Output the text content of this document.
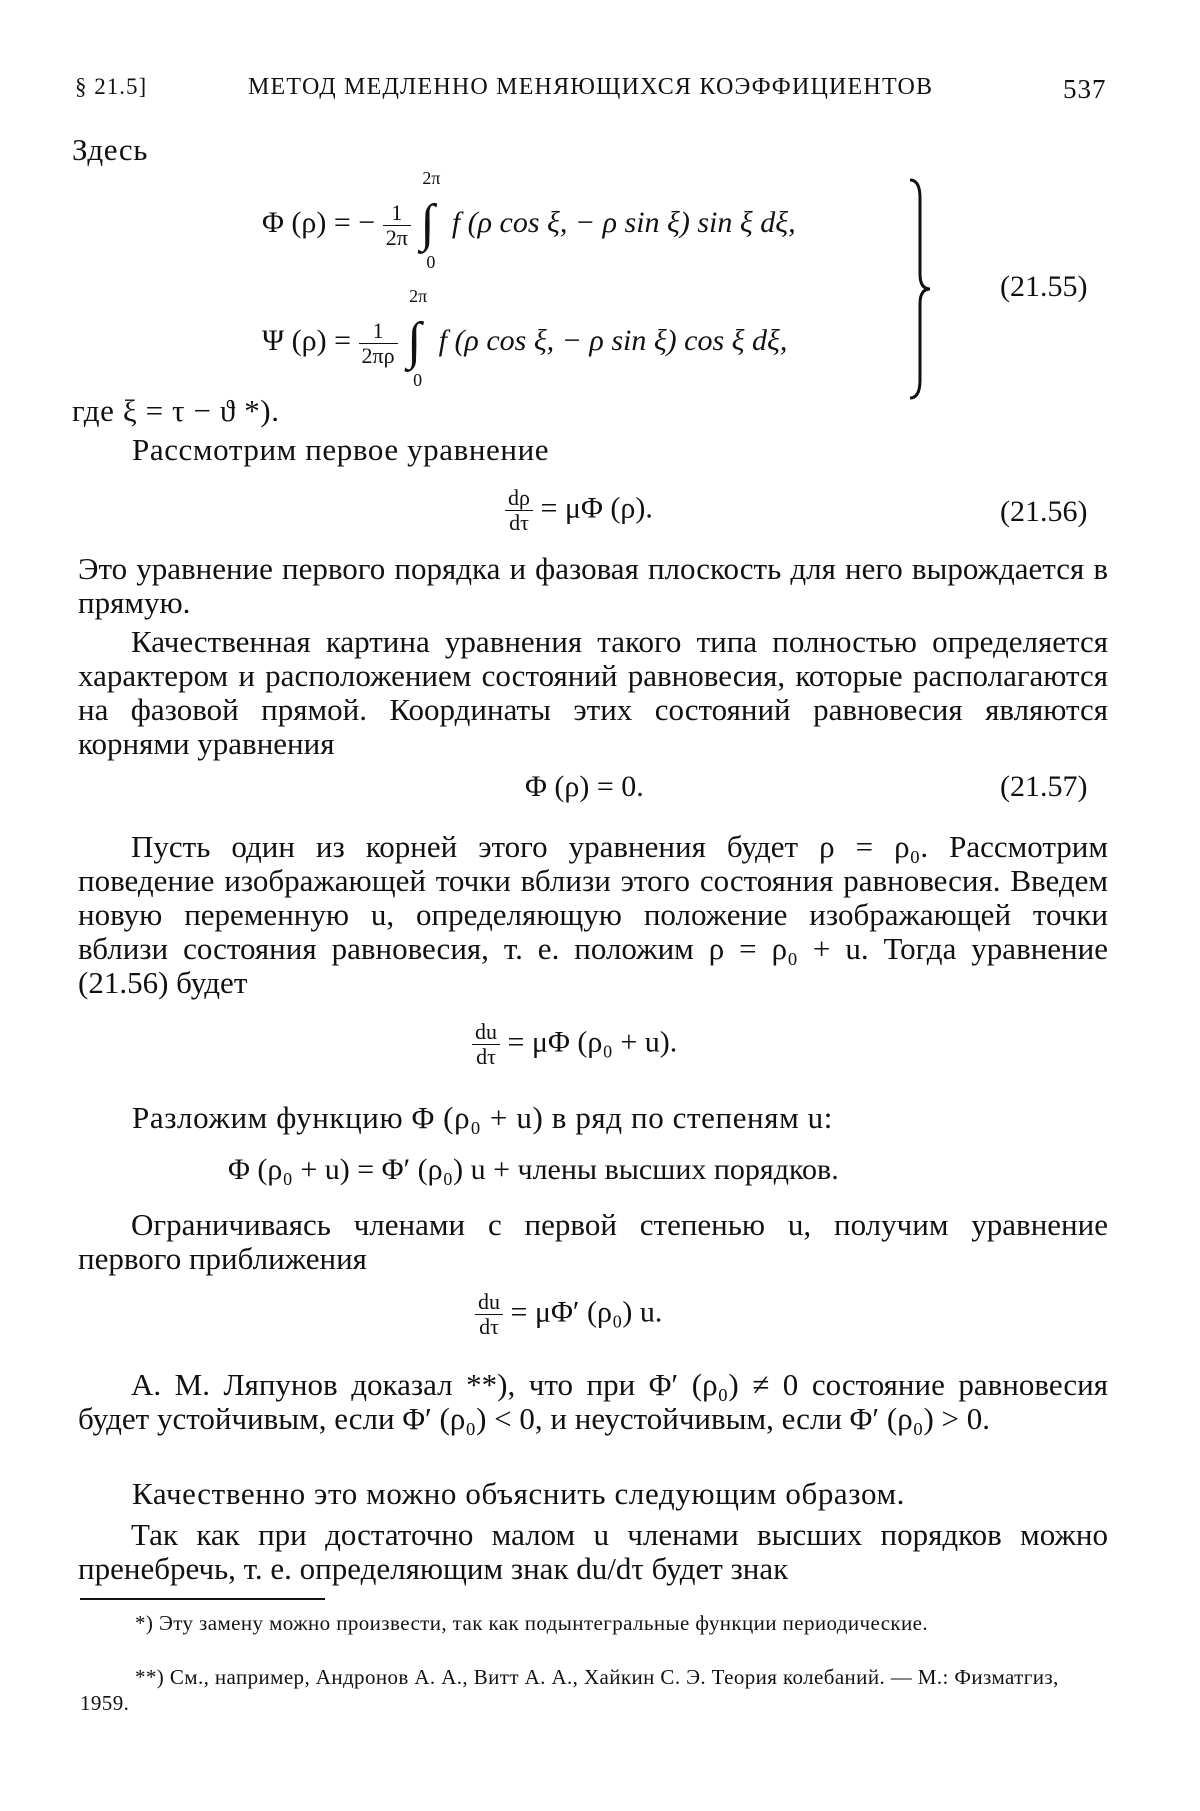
§ 21.5]	МЕТОД МЕДЛЕННО МЕНЯЮЩИХСЯ КОЭФФИЦИЕНТОВ	537
Здесь
Φ (ρ) = − $\frac{1}{2\pi}$

2π
∫
0
f (ρ cos ξ, − ρ sin ξ) sin ξ dξ,
Ψ $(\rho) = \frac{1}{2\pi\rho}$

2π
∫
0
f (ρ cos ξ, − ρ sin ξ) cos ξ dξ,
(21.55)
где ξ = τ − ϑ *).
Рассмотрим первое уравнение
$\frac{d\rho}{d\tau} = \mu\Phi$ (ρ).	(21.56)
Это уравнение первого порядка и фазовая плоскость для него вырождается в прямую.
Качественная картина уравнения такого типа полностью определяется характером и расположением состояний равновесия, которые располагаются на фазовой прямой. Координаты этих состояний равновесия являются корнями уравнения
Φ (ρ) = 0.	(21.57)
Пусть один из корней этого уравнения будет ρ = ρ₀. Рассмотрим поведение изображающей точки вблизи этого состояния равновесия. Введем новую переменную u, определяющую положение изображающей точки вблизи состояния равновесия, т. е. положим ρ = ρ₀ + u. Тогда уравнение (21.56) будет
$\frac{du}{d\tau} = \mu\Phi$ (ρ₀ + u).
Разложим функцию Φ (ρ₀ + u) в ряд по степеням u:
Φ (ρ₀ + u) = Φ′ (ρ₀) u + члены высших порядков.
Ограничиваясь членами с первой степенью u, получим уравнение первого приближения
$\frac{du}{d\tau} = \mu\Phi'$ (ρ₀) u.
А. М. Ляпунов доказал **), что при Φ′ (ρ₀) ≠ 0 состояние равновесия будет устойчивым, если Φ′ (ρ₀) < 0, и неустойчивым, если Φ′ (ρ₀) > 0.
Качественно это можно объяснить следующим образом.
Так как при достаточно малом u членами высших порядков можно пренебречь, т. е. определяющим знак du/dτ будет знак
*) Эту замену можно произвести, так как подынтегральные функции периодические.
**) См., например, Андронов А. А., Витт А. А., Хайкин С. Э. Теория колебаний. — М.: Физматгиз, 1959.
